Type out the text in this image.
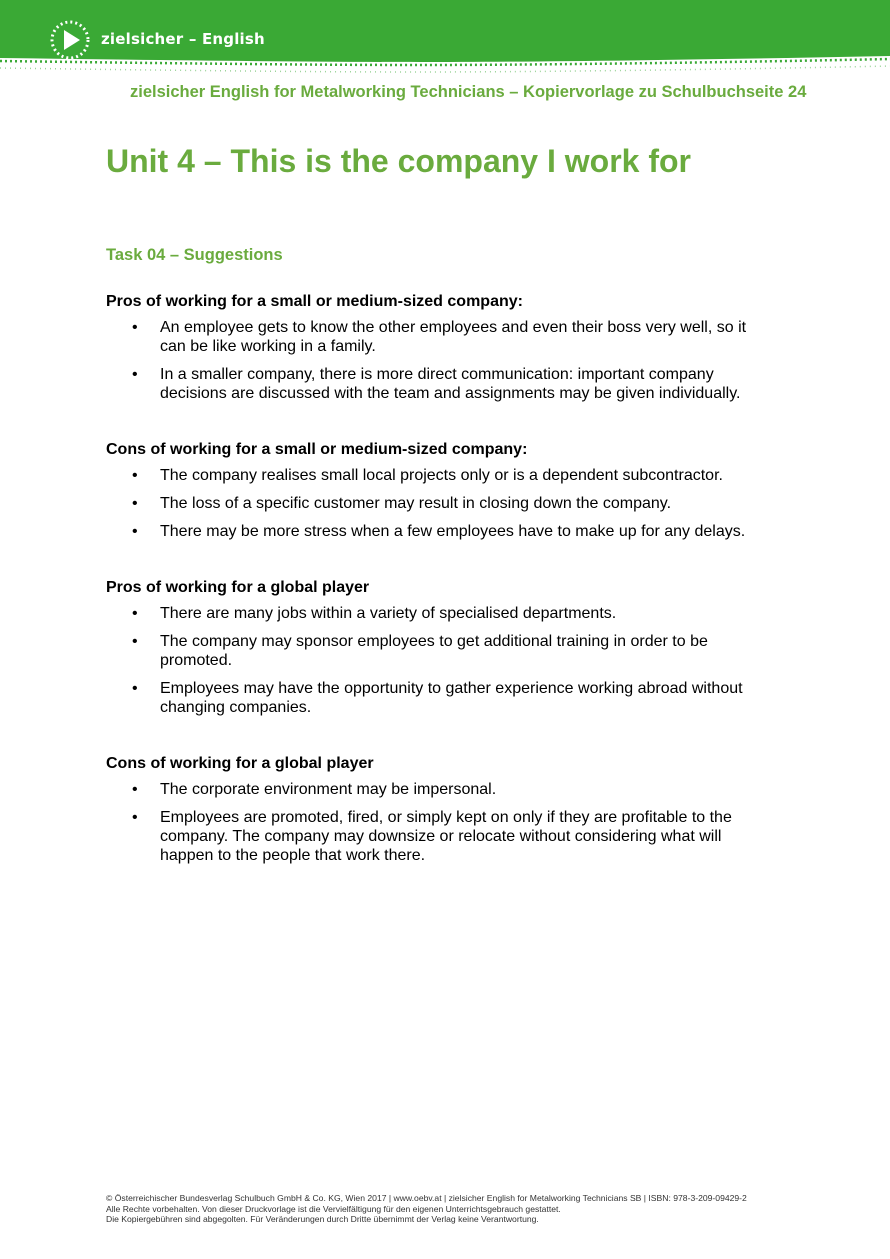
zielsicher – English
zielsicher English for Metalworking Technicians – Kopiervorlage zu Schulbuchseite 24
Unit 4 – This is the company I work for
Task 04 – Suggestions
Pros of working for a small or medium-sized company:
• An employee gets to know the other employees and even their boss very well, so it can be like working in a family.
• In a smaller company, there is more direct communication: important company decisions are discussed with the team and assignments may be given individually.
Cons of working for a small or medium-sized company:
• The company realises small local projects only or is a dependent subcontractor.
• The loss of a specific customer may result in closing down the company.
• There may be more stress when a few employees have to make up for any delays.
Pros of working for a global player
• There are many jobs within a variety of specialised departments.
• The company may sponsor employees to get additional training in order to be promoted.
• Employees may have the opportunity to gather experience working abroad without changing companies.
Cons of working for a global player
• The corporate environment may be impersonal.
• Employees are promoted, fired, or simply kept on only if they are profitable to the company. The company may downsize or relocate without considering what will happen to the people that work there.
© Österreichischer Bundesverlag Schulbuch GmbH & Co. KG, Wien 2017 | www.oebv.at | zielsicher English for Metalworking Technicians SB | ISBN: 978-3-209-09429-2
Alle Rechte vorbehalten. Von dieser Druckvorlage ist die Vervielfältigung für den eigenen Unterrichtsgebrauch gestattet.
Die Kopiergebühren sind abgegolten. Für Veränderungen durch Dritte übernimmt der Verlag keine Verantwortung.
